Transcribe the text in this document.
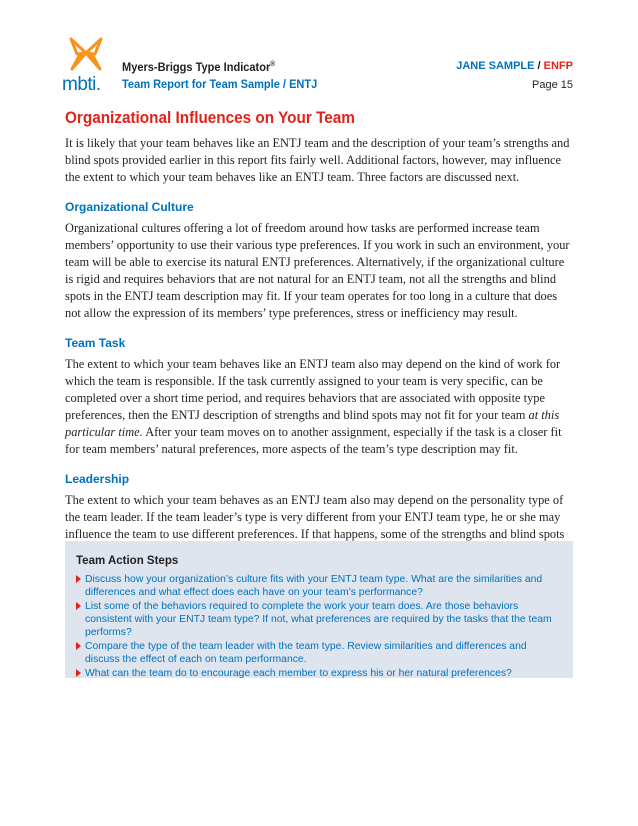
mbti.
Myers-Briggs Type Indicator®
Team Report for Team Sample / ENTJ
JANE SAMPLE / ENFP
Page 15
Organizational Influences on Your Team

It is likely that your team behaves like an ENTJ team and the description of your team’s strengths and blind spots provided earlier in this report fits fairly well. Additional factors, however, may influence the extent to which your team behaves like an ENTJ team. Three factors are discussed next.

Organizational Culture

Organizational cultures offering a lot of freedom around how tasks are performed increase team members’ opportunity to use their various type preferences. If you work in such an environment, your team will be able to exercise its natural ENTJ preferences. Alternatively, if the organizational culture is rigid and requires behaviors that are not natural for an ENTJ team, not all the strengths and blind spots in the ENTJ team description may fit. If your team operates for too long in a culture that does not allow the expression of its members’ type preferences, stress or inefficiency may result.

Team Task

The extent to which your team behaves like an ENTJ team also may depend on the kind of work for which the team is responsible. If the task currently assigned to your team is very specific, can be completed over a short time period, and requires behaviors that are associated with opposite type preferences, then the ENTJ description of strengths and blind spots may not fit for your team at this particular time. After your team moves on to another assignment, especially if the task is a closer fit for team members’ natural preferences, more aspects of the team’s type description may fit.

Leadership

The extent to which your team behaves as an ENTJ team also may depend on the personality type of the team leader. If the team leader’s type is very different from your ENTJ team type, he or she may influence the team to use different preferences. If that happens, some of the strengths and blind spots

Team Action Steps
Discuss how your organization’s culture fits with your ENTJ team type. What are the similarities and differences and what effect does each have on your team’s performance?
List some of the behaviors required to complete the work your team does. Are those behaviors consistent with your ENTJ team type? If not, what preferences are required by the tasks that the team performs?
Compare the type of the team leader with the team type. Review similarities and differences and discuss the effect of each on team performance.
What can the team do to encourage each member to express his or her natural preferences?
